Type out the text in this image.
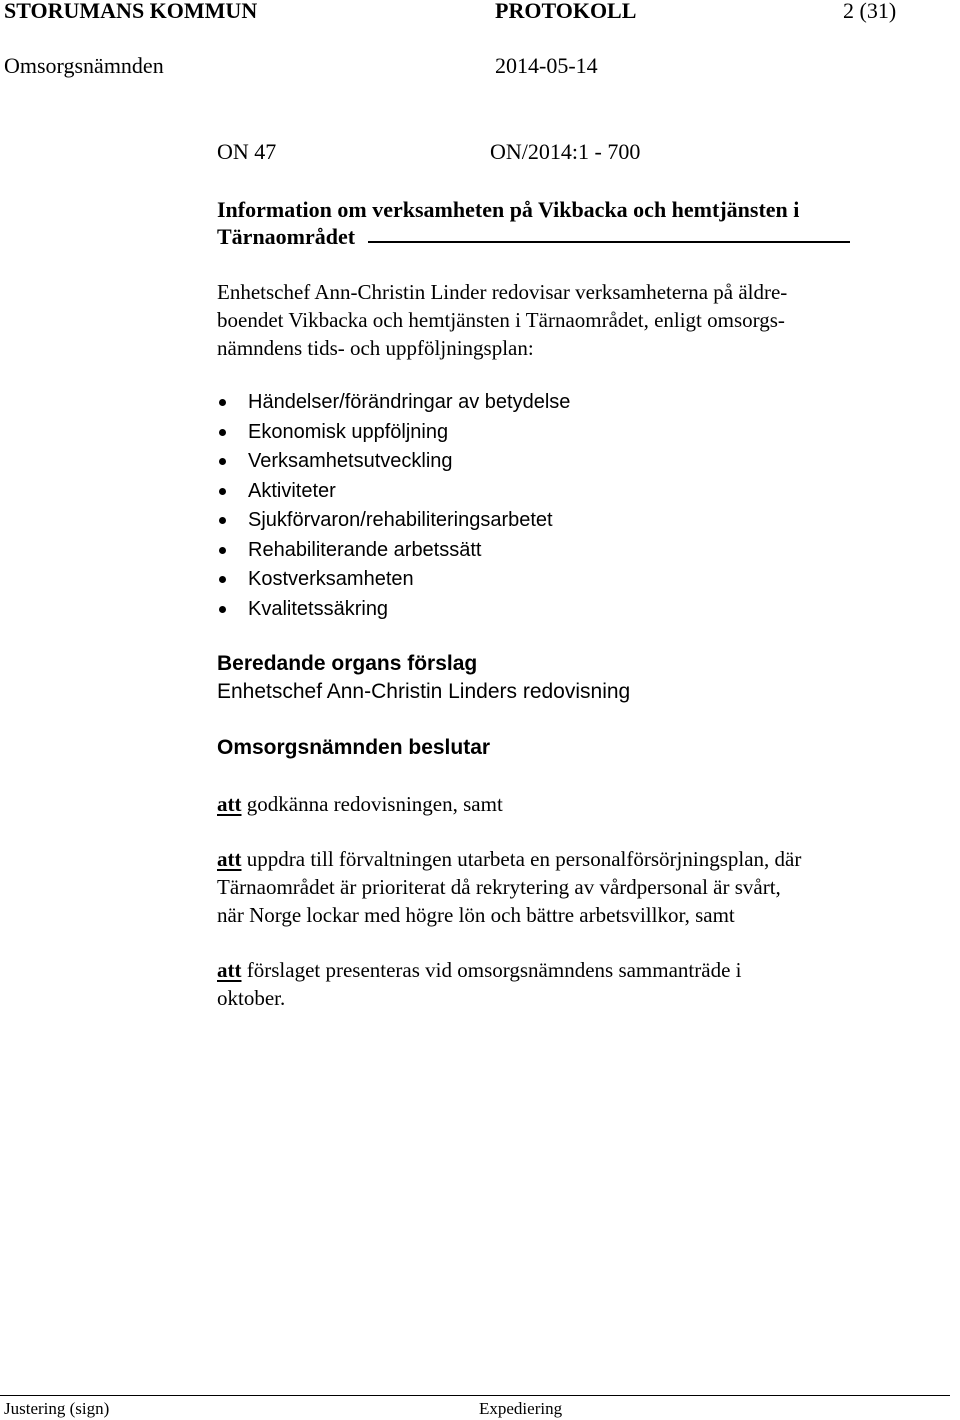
STORUMANS KOMMUN	PROTOKOLL	2 (31)
Omsorgsnämnden	2014-05-14
ON 47	ON/2014:1 - 700
Information om verksamheten på Vikbacka och hemtjänsten i
Tärnaområdet
Enhetschef Ann-Christin Linder redovisar verksamheterna på äldre-
boendet Vikbacka och hemtjänsten i Tärnaområdet, enligt omsorgs-
nämndens tids- och uppföljningsplan:
Händelser/förändringar av betydelse
Ekonomisk uppföljning
Verksamhetsutveckling
Aktiviteter
Sjukförvaron/rehabiliteringsarbetet
Rehabiliterande arbetssätt
Kostverksamheten
Kvalitetssäkring
Beredande organs förslag
Enhetschef Ann-Christin Linders redovisning
Omsorgsnämnden beslutar
att godkänna redovisningen, samt
att uppdra till förvaltningen utarbeta en personalförsörjningsplan, där
Tärnaområdet är prioriterat då rekrytering av vårdpersonal är svårt,
när Norge lockar med högre lön och bättre arbetsvillkor, samt
att förslaget presenteras vid omsorgsnämndens sammanträde i
oktober.
Justering (sign)	Expediering
